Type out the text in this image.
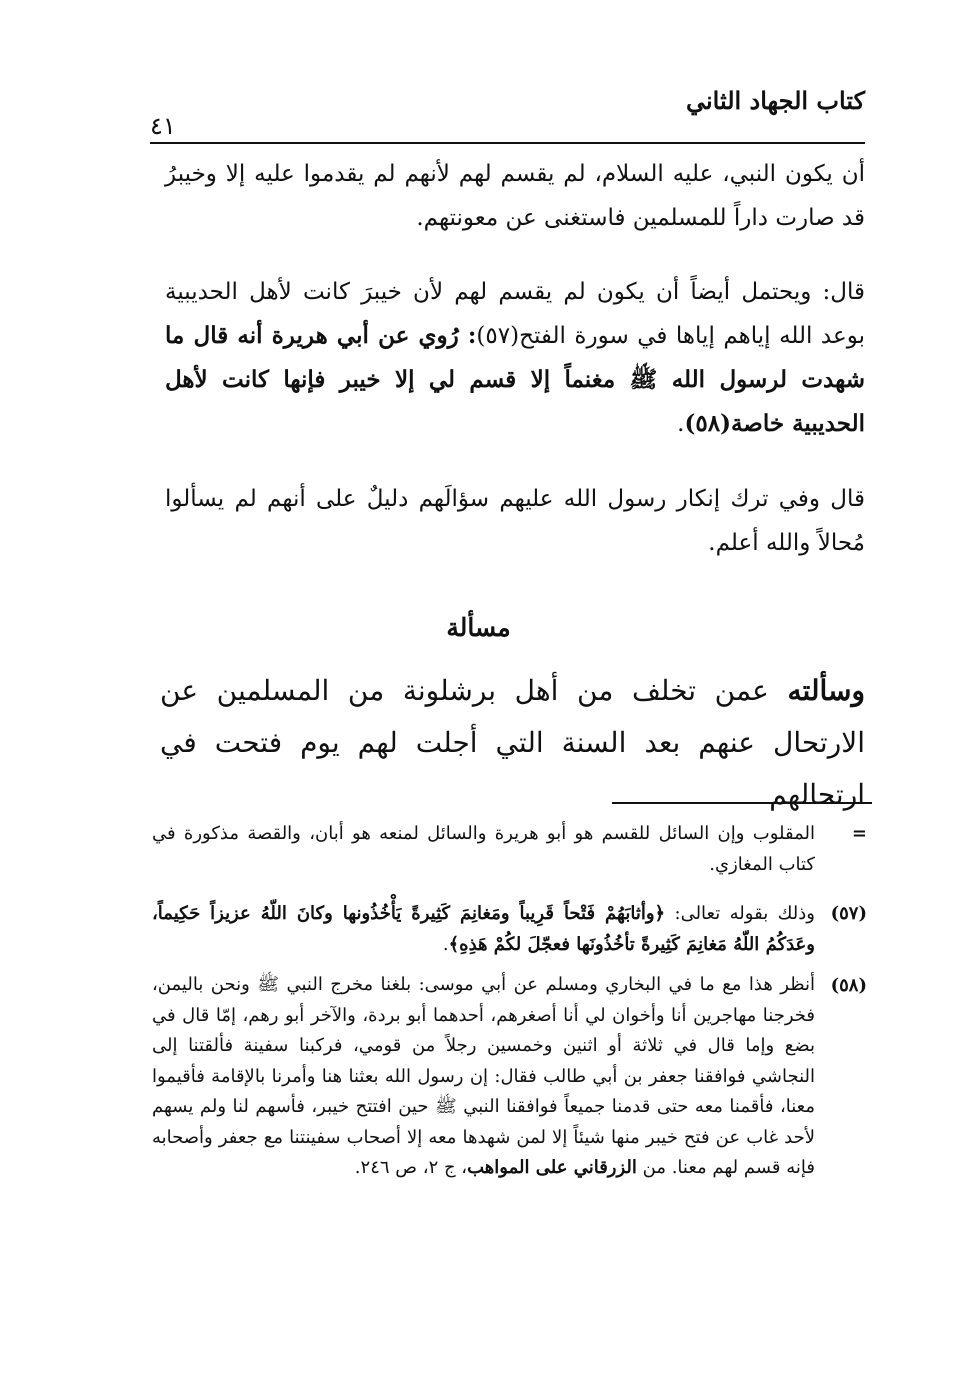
كتاب الجهاد الثاني
٤١

أن يكون النبي، عليه السلام، لم يقسم لهم لأنهم لم يقدموا عليه إلا وخيبرُ قد صارت داراً للمسلمين فاستغنى عن معونتهم.

قال: ويحتمل أيضاً أن يكون لم يقسم لهم لأن خيبرَ كانت لأهل الحديبية بوعد الله إياهم إياها في سورة الفتح(٥٧): رُوي عن أبي هريرة أنه قال ما شهدت لرسول الله ﷺ مغنماً إلا قسم لي إلا خيبر فإنها كانت لأهل الحديبية خاصة(٥٨).

قال وفي ترك إنكار رسول الله عليهم سؤالَهم دليلٌ على أنهم لم يسألوا مُحالاً والله أعلم.

مسألة

وسألته عمن تخلف من أهل برشلونة من المسلمين عن الارتحال عنهم بعد السنة التي أجلت لهم يوم فتحت في ارتحالهم

=
المقلوب وإن السائل للقسم هو أبو هريرة والسائل لمنعه هو أبان، والقصة مذكورة في كتاب المغازي.
(٥٧)
وذلك بقوله تعالى: ﴿وأثابَهُمْ فَتْحاً قَرِيباً ومَغانِمَ كَثِيرةً يَأْخُذُونها وكانَ اللّهُ عزيزاً حَكِيماً، وعَدَكُمُ اللّهُ مَغانِمَ كَثِيرةً تأخُذُونَها فعجّلَ لكُمْ هَذِهِ﴾.
(٥٨)
أنظر هذا مع ما في البخاري ومسلم عن أبي موسى: بلغنا مخرج النبي ﷺ ونحن باليمن، فخرجنا مهاجرين أنا وأخوان لي أنا أصغرهم، أحدهما أبو بردة، والآخر أبو رهم، إمّا قال في بضع وإما قال في ثلاثة أو اثنين وخمسين رجلاً من قومي، فركبنا سفينة فألقتنا إلى النجاشي فوافقنا جعفر بن أبي طالب فقال: إن رسول الله بعثنا هنا وأمرنا بالإقامة فأقيموا معنا، فأقمنا معه حتى قدمنا جميعاً فوافقنا النبي ﷺ حين افتتح خيبر، فأسهم لنا ولم يسهم لأحد غاب عن فتح خيبر منها شيئاً إلا لمن شهدها معه إلا أصحاب سفينتنا مع جعفر وأصحابه فإنه قسم لهم معنا. من الزرقاني على المواهب، ج ٢، ص ٢٤٦.
